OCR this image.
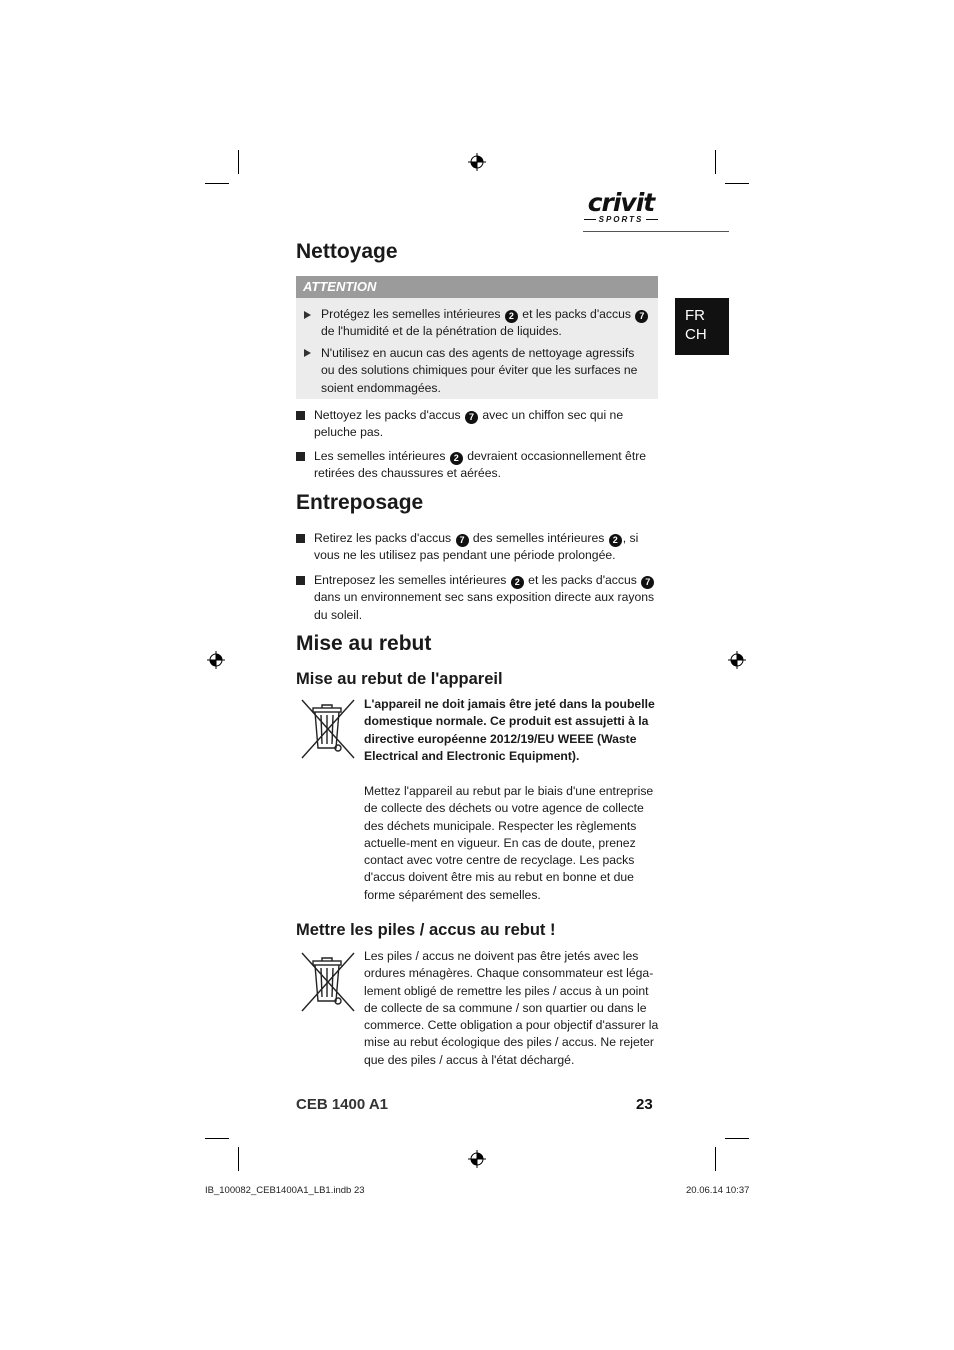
crivit
SPORTS
FR
CH
Nettoyage
ATTENTION
Protégez les semelles intérieures 2 et les packs d'accus 7 de l'humidité et de la pénétration de liquides.
N'utilisez en aucun cas des agents de nettoyage agressifs ou des solutions chimiques pour éviter que les surfaces ne soient endommagées.
Nettoyez les packs d'accus 7 avec un chiffon sec qui ne peluche pas.
Les semelles intérieures 2 devraient occasionnellement être retirées des chaussures et aérées.
Entreposage
Retirez les packs d'accus 7 des semelles intérieures 2 , si vous ne les utilisez pas pendant une période prolongée.
Entreposez les semelles intérieures 2 et les packs d'accus 7 dans un environnement sec sans exposition directe aux rayons du soleil.
Mise au rebut
Mise au rebut de l'appareil
L'appareil ne doit jamais être jeté dans la poubelle domestique normale. Ce produit est assujetti à la directive européenne 2012/19/EU WEEE (Waste Electrical and Electronic Equipment).
Mettez l'appareil au rebut par le biais d'une entreprise de collecte des déchets ou votre agence de collecte des déchets municipale. Respecter les règlements actuelle-ment en vigueur. En cas de doute, prenez contact avec votre centre de recyclage. Les packs d'accus doivent être mis au rebut en bonne et due forme séparément des semelles.
Mettre les piles / accus au rebut !
Les piles / accus ne doivent pas être jetés avec les ordures ménagères. Chaque consommateur est léga-lement obligé de remettre les piles / accus à un point de collecte de sa commune / son quartier ou dans le commerce. Cette obligation a pour objectif d'assurer la mise au rebut écologique des piles / accus. Ne rejeter que des piles / accus à l'état déchargé.
CEB 1400 A1	23
IB_100082_CEB1400A1_LB1.indb 23	20.06.14 10:37
